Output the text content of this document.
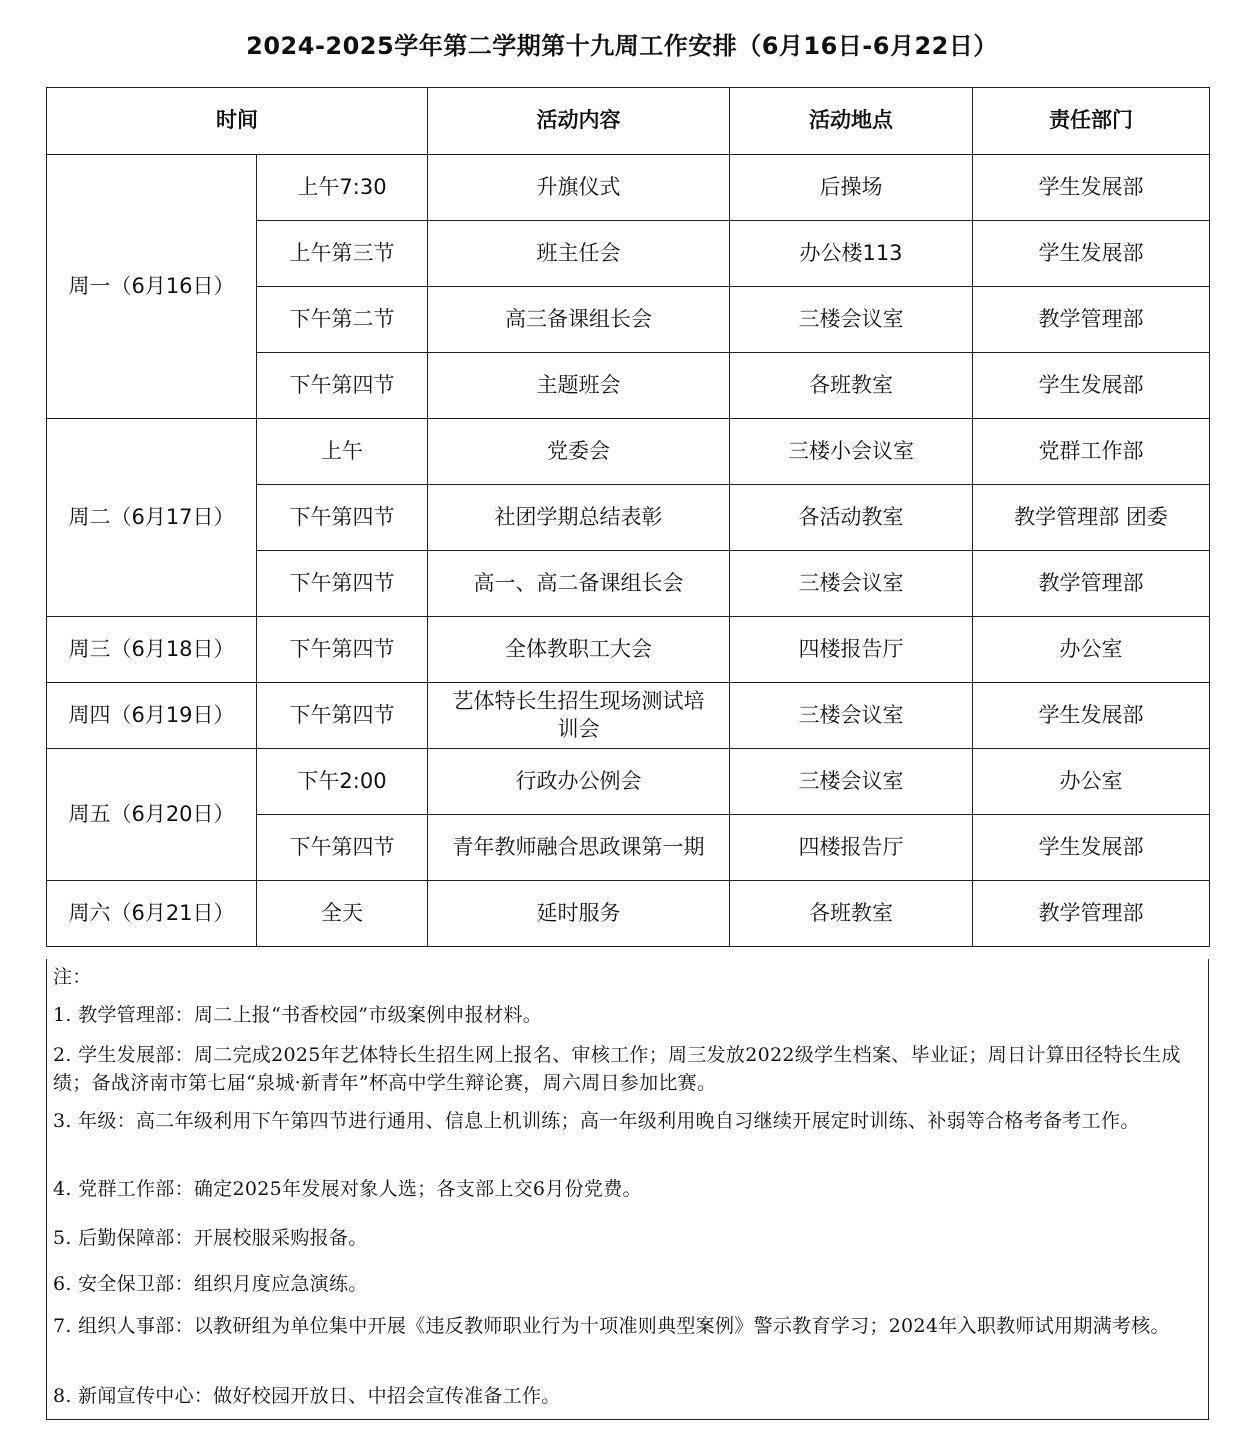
2024-2025学年第二学期第十九周工作安排（6月16日-6月22日）
时间		活动内容	活动地点	责任部门
周一（6月16日）	上午7:30	升旗仪式	后操场	学生发展部
	上午第三节	班主任会	办公楼113	学生发展部
	下午第二节	高三备课组长会	三楼会议室	教学管理部
	下午第四节	主题班会	各班教室	学生发展部
周二（6月17日）	上午	党委会	三楼小会议室	党群工作部
	下午第四节	社团学期总结表彰	各活动教室	教学管理部 团委
	下午第四节	高一、高二备课组长会	三楼会议室	教学管理部
周三（6月18日）	下午第四节	全体教职工大会	四楼报告厅	办公室
周四（6月19日）	下午第四节	艺体特长生招生现场测试培训会	三楼会议室	学生发展部
周五（6月20日）	下午2:00	行政办公例会	三楼会议室	办公室
	下午第四节	青年教师融合思政课第一期	四楼报告厅	学生发展部
周六（6月21日）	全天	延时服务	各班教室	教学管理部
注：
1. 教学管理部：周二上报“书香校园”市级案例申报材料。
2. 学生发展部：周二完成2025年艺体特长生招生网上报名、审核工作；周三发放2022级学生档案、毕业证；周日计算田径特长生成绩；备战济南市第七届“泉城·新青年”杯高中学生辩论赛，周六周日参加比赛。
3. 年级：高二年级利用下午第四节进行通用、信息上机训练；高一年级利用晚自习继续开展定时训练、补弱等合格考备考工作。
4. 党群工作部：确定2025年发展对象人选；各支部上交6月份党费。
5. 后勤保障部：开展校服采购报备。
6. 安全保卫部：组织月度应急演练。
7. 组织人事部：以教研组为单位集中开展《违反教师职业行为十项准则典型案例》警示教育学习；2024年入职教师试用期满考核。
8. 新闻宣传中心：做好校园开放日、中招会宣传准备工作。
